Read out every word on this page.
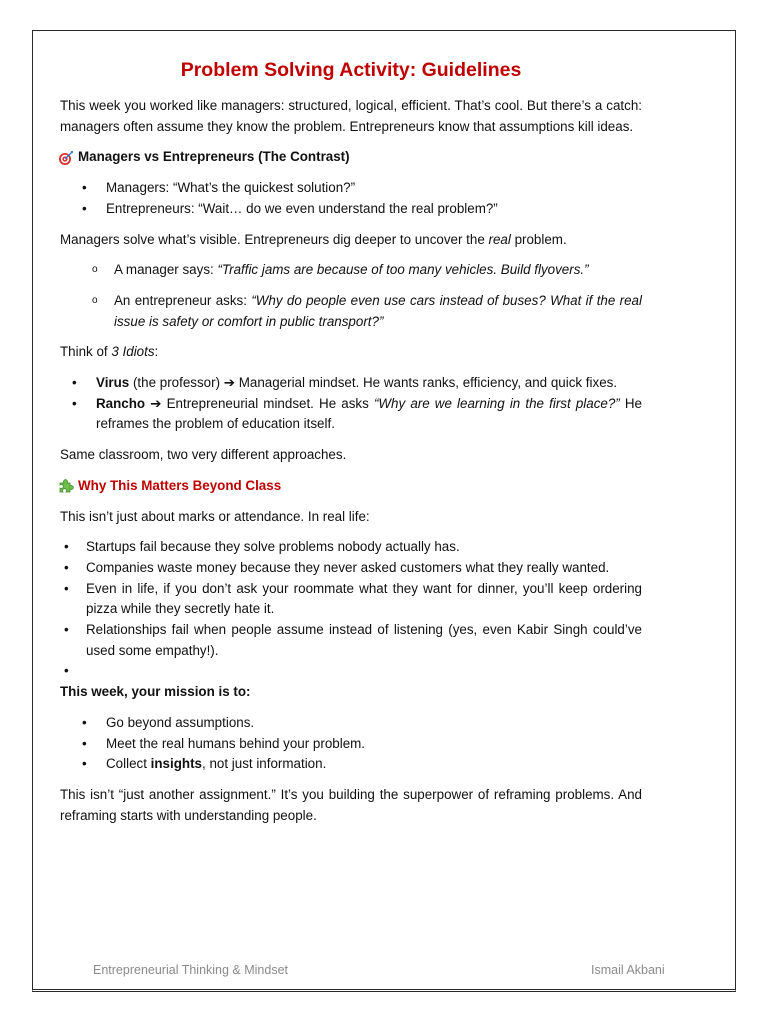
Problem Solving Activity: Guidelines

This week you worked like managers: structured, logical, efficient. That’s cool. But there’s a catch: managers often assume they know the problem. Entrepreneurs know that assumptions kill ideas.

Managers vs Entrepreneurs (The Contrast)
• Managers: “What’s the quickest solution?”
• Entrepreneurs: “Wait… do we even understand the real problem?”

Managers solve what’s visible. Entrepreneurs dig deeper to uncover the real problem.

o A manager says: “Traffic jams are because of too many vehicles. Build flyovers.”
o An entrepreneur asks: “Why do people even use cars instead of buses? What if the real issue is safety or comfort in public transport?”

Think of 3 Idiots:

• Virus (the professor) ➔ Managerial mindset. He wants ranks, efficiency, and quick fixes.
• Rancho ➔ Entrepreneurial mindset. He asks “Why are we learning in the first place?” He reframes the problem of education itself.

Same classroom, two very different approaches.

Why This Matters Beyond Class

This isn’t just about marks or attendance. In real life:

• Startups fail because they solve problems nobody actually has.
• Companies waste money because they never asked customers what they really wanted.
• Even in life, if you don’t ask your roommate what they want for dinner, you’ll keep ordering pizza while they secretly hate it.
• Relationships fail when people assume instead of listening (yes, even Kabir Singh could’ve used some empathy!).
•

This week, your mission is to:

• Go beyond assumptions.
• Meet the real humans behind your problem.
• Collect insights, not just information.

This isn’t “just another assignment.” It’s you building the superpower of reframing problems. And reframing starts with understanding people.

Entrepreneurial Thinking & Mindset	Ismail Akbani
